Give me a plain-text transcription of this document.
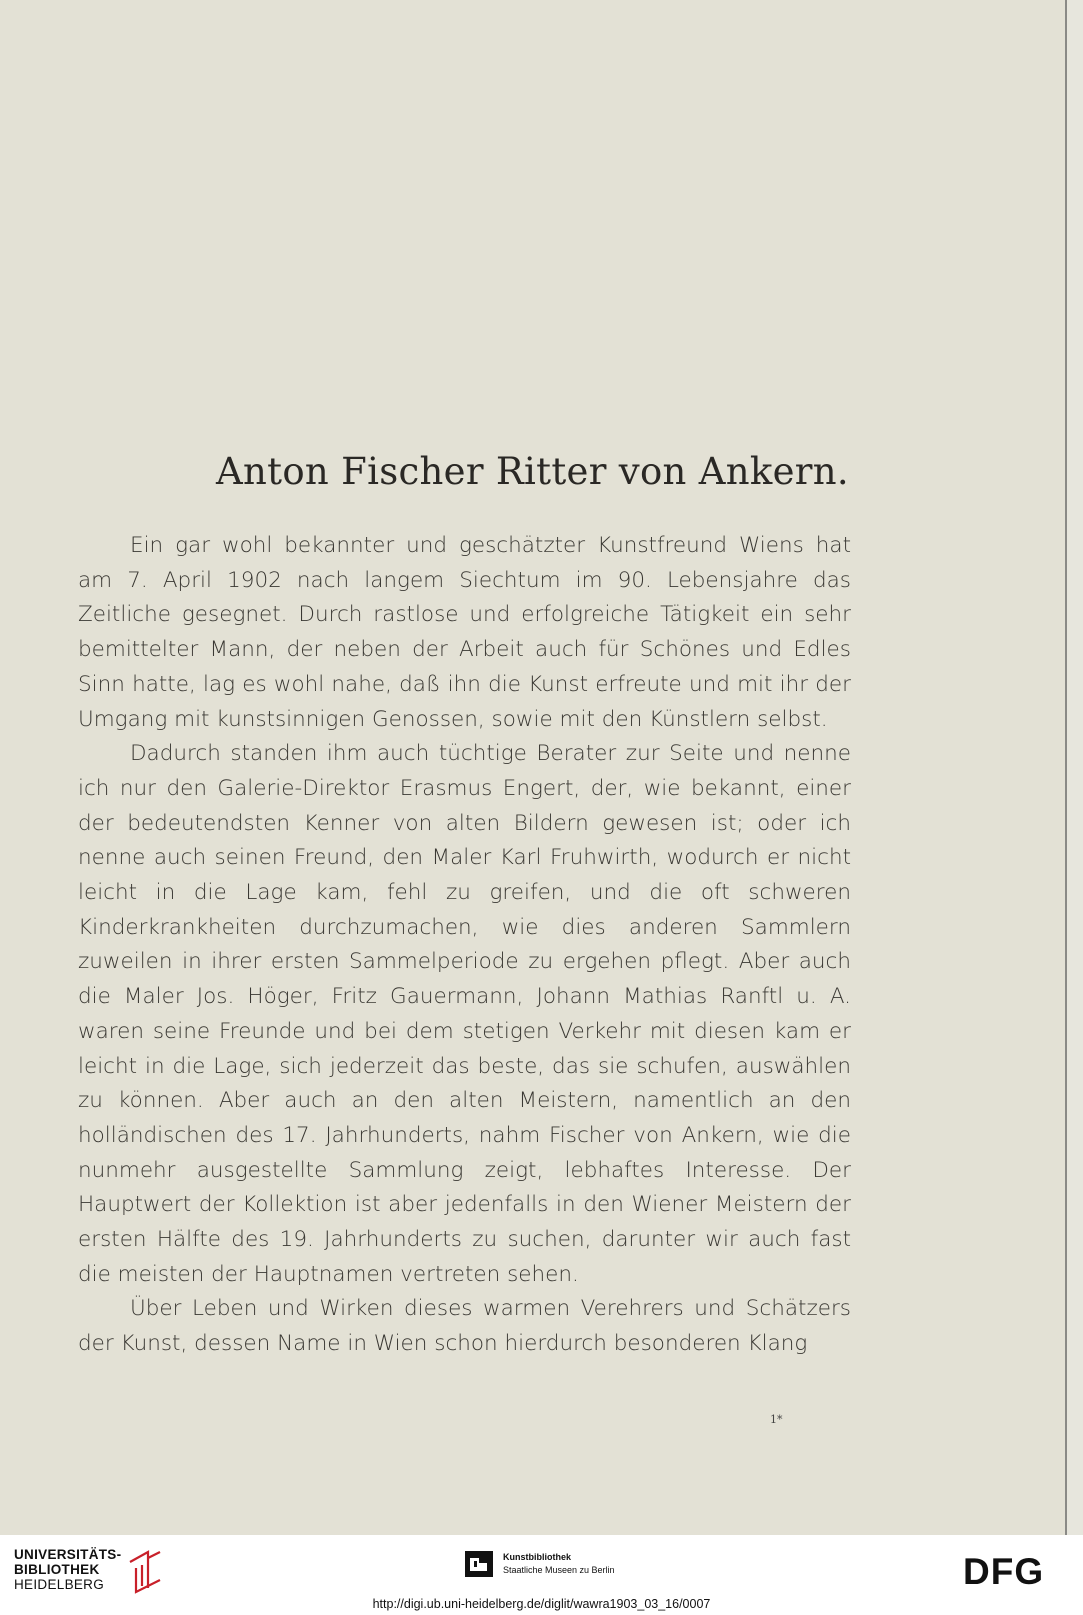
Anton Fischer Ritter von Ankern.

Ein gar wohl bekannter und geschätzter Kunstfreund Wiens hat am 7. April 1902 nach langem Siechtum im 90. Lebensjahre das Zeitliche gesegnet. Durch rastlose und erfolgreiche Tätigkeit ein sehr bemittelter Mann, der neben der Arbeit auch für Schönes und Edles Sinn hatte, lag es wohl nahe, daß ihn die Kunst erfreute und mit ihr der Umgang mit kunstsinnigen Genossen, sowie mit den Künstlern selbst.

Dadurch standen ihm auch tüchtige Berater zur Seite und nenne ich nur den Galerie-Direktor Erasmus Engert, der, wie bekannt, einer der bedeutendsten Kenner von alten Bildern gewesen ist; oder ich nenne auch seinen Freund, den Maler Karl Fruhwirth, wodurch er nicht leicht in die Lage kam, fehl zu greifen, und die oft schweren Kinderkrankheiten durchzumachen, wie dies anderen Sammlern zuweilen in ihrer ersten Sammelperiode zu ergehen pflegt. Aber auch die Maler Jos. Höger, Fritz Gauermann, Johann Mathias Ranftl u. A. waren seine Freunde und bei dem stetigen Verkehr mit diesen kam er leicht in die Lage, sich jederzeit das beste, das sie schufen, auswählen zu können. Aber auch an den alten Meistern, namentlich an den holländischen des 17. Jahrhunderts, nahm Fischer von Ankern, wie die nunmehr ausgestellte Sammlung zeigt, lebhaftes Interesse. Der Hauptwert der Kollektion ist aber jedenfalls in den Wiener Meistern der ersten Hälfte des 19. Jahrhunderts zu suchen, darunter wir auch fast die meisten der Hauptnamen vertreten sehen.

Über Leben und Wirken dieses warmen Verehrers und Schätzers der Kunst, dessen Name in Wien schon hierdurch besonderen Klang

1*
UNIVERSITÄTS-
BIBLIOTHEK
HEIDELBERG
Kunstbibliothek
Staatliche Museen zu Berlin	DFG
http://digi.ub.uni-heidelberg.de/diglit/wawra1903_03_16/0007
